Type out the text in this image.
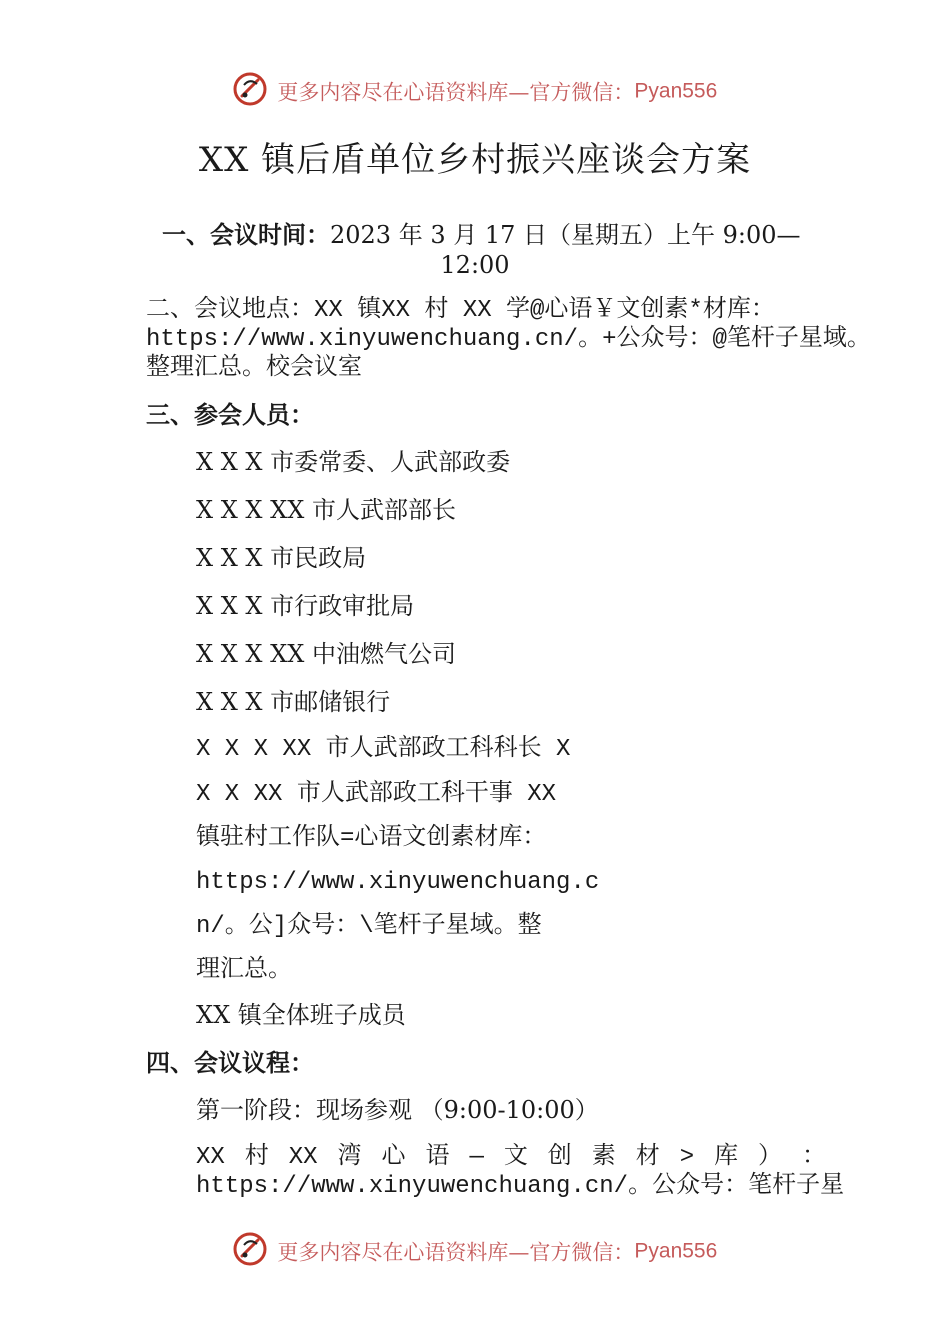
更多内容尽在心语资料库—官方微信：Pyan556
XX 镇后盾单位乡村振兴座谈会方案
一、会议时间：2023 年 3 月 17 日（星期五）上午 9:00—
12:00
二、会议地点：XX 镇XX 村 XX 学@心语￥文创素*材库：
https://www.xinyuwenchuang.cn/。+公众号：@笔杆子星域。
整理汇总。校会议室
三、参会人员：
X X X 市委常委、人武部政委
X X X XX 市人武部部长
X X X 市民政局
X X X 市行政审批局
X X X XX 中油燃气公司
X X X 市邮储银行
X X X XX 市人武部政工科科长 X
X X XX 市人武部政工科干事 XX
镇驻村工作队=心语文创素材库：
https://www.xinyuwenchuang.c
n/。公]众号：\笔杆子星域。整
理汇总。
XX 镇全体班子成员
四、会议议程：
第一阶段：现场参观 （9:00-10:00）
XX 村 XX 湾 心 语 — 文 创 素 材 > 库 ） ：
https://www.xinyuwenchuang.cn/。公众号：笔杆子星
更多内容尽在心语资料库—官方微信：Pyan556
